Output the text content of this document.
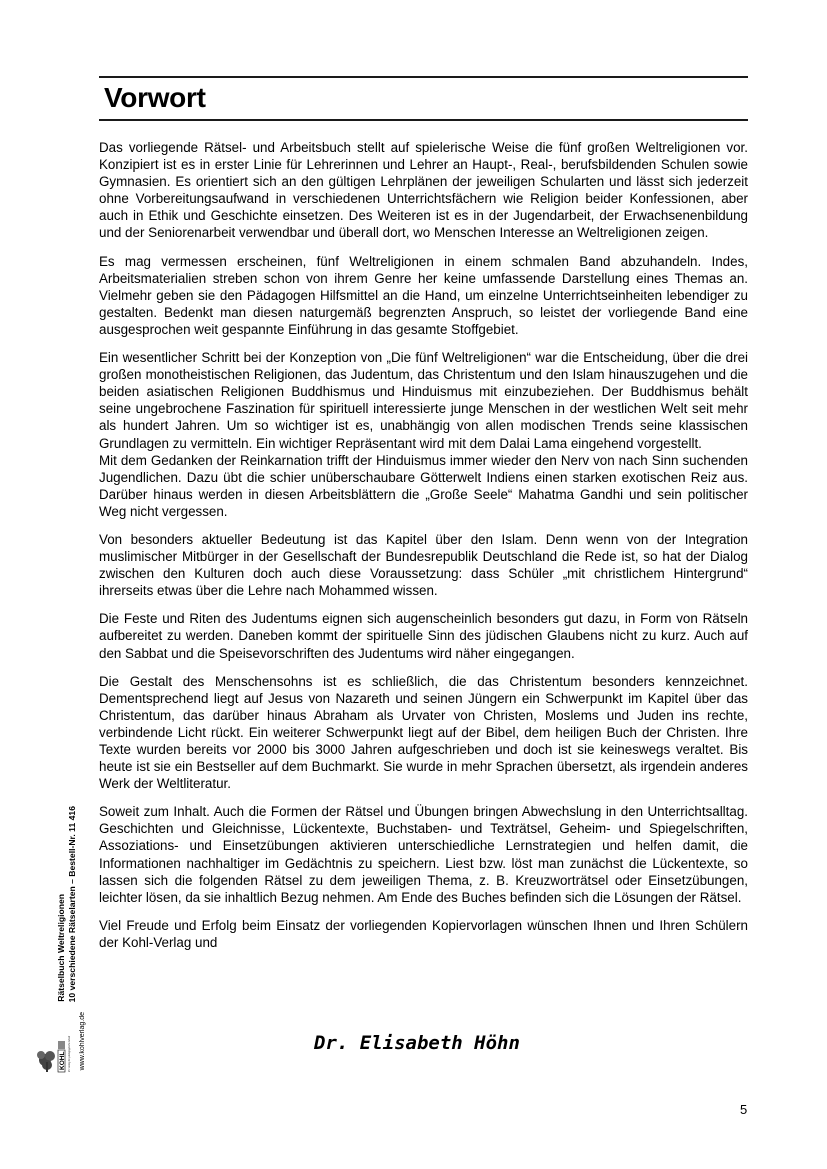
Vorwort

Das vorliegende Rätsel- und Arbeitsbuch stellt auf spielerische Weise die fünf großen Weltreligionen vor. Konzipiert ist es in erster Linie für Lehrerinnen und Lehrer an Haupt-, Real-, berufsbildenden Schulen sowie Gymnasien. Es orientiert sich an den gültigen Lehrplänen der jeweiligen Schularten und lässt sich jederzeit ohne Vorbereitungsaufwand in verschiedenen Unterrichtsfächern wie Religion beider Konfessionen, aber auch in Ethik und Geschichte einsetzen. Des Weiteren ist es in der Jugendarbeit, der Erwachsenenbildung und der Seniorenarbeit verwendbar und überall dort, wo Menschen Interesse an Weltreligionen zeigen.

Es mag vermessen erscheinen, fünf Weltreligionen in einem schmalen Band abzuhandeln. Indes, Arbeitsmaterialien streben schon von ihrem Genre her keine umfassende Darstellung eines Themas an. Vielmehr geben sie den Pädagogen Hilfsmittel an die Hand, um einzelne Unterrichtseinheiten lebendiger zu gestalten. Bedenkt man diesen naturgemäß begrenzten Anspruch, so leistet der vorliegende Band eine ausgesprochen weit gespannte Einführung in das gesamte Stoffgebiet.

Ein wesentlicher Schritt bei der Konzeption von „Die fünf Weltreligionen“ war die Entscheidung, über die drei großen monotheistischen Religionen, das Judentum, das Christentum und den Islam hinauszugehen und die beiden asiatischen Religionen Buddhismus und Hinduismus mit einzubeziehen. Der Buddhismus behält seine ungebrochene Faszination für spirituell interessierte junge Menschen in der westlichen Welt seit mehr als hundert Jahren. Um so wichtiger ist es, unabhängig von allen modischen Trends seine klassischen Grundlagen zu vermitteln. Ein wichtiger Repräsentant wird mit dem Dalai Lama eingehend vorgestellt.

Mit dem Gedanken der Reinkarnation trifft der Hinduismus immer wieder den Nerv von nach Sinn suchenden Jugendlichen. Dazu übt die schier unüberschaubare Götterwelt Indiens einen starken exotischen Reiz aus. Darüber hinaus werden in diesen Arbeitsblättern die „Große Seele“ Mahatma Gandhi und sein politischer Weg nicht vergessen.

Von besonders aktueller Bedeutung ist das Kapitel über den Islam. Denn wenn von der Integration muslimischer Mitbürger in der Gesellschaft der Bundesrepublik Deutschland die Rede ist, so hat der Dialog zwischen den Kulturen doch auch diese Voraussetzung: dass Schüler „mit christlichem Hintergrund“ ihrerseits etwas über die Lehre nach Mohammed wissen.

Die Feste und Riten des Judentums eignen sich augenscheinlich besonders gut dazu, in Form von Rätseln aufbereitet zu werden. Daneben kommt der spirituelle Sinn des jüdischen Glaubens nicht zu kurz. Auch auf den Sabbat und die Speisevorschriften des Judentums wird näher eingegangen.

Die Gestalt des Menschensohns ist es schließlich, die das Christentum besonders kennzeichnet. Dementsprechend liegt auf Jesus von Nazareth und seinen Jüngern ein Schwerpunkt im Kapitel über das Christentum, das darüber hinaus Abraham als Urvater von Christen, Moslems und Juden ins rechte, verbindende Licht rückt. Ein weiterer Schwerpunkt liegt auf der Bibel, dem heiligen Buch der Christen. Ihre Texte wurden bereits vor 2000 bis 3000 Jahren aufgeschrieben und doch ist sie keineswegs veraltet. Bis heute ist sie ein Bestseller auf dem Buchmarkt. Sie wurde in mehr Sprachen übersetzt, als irgendein anderes Werk der Weltliteratur.

Soweit zum Inhalt. Auch die Formen der Rätsel und Übungen bringen Abwechslung in den Unterrichtsalltag. Geschichten und Gleichnisse, Lückentexte, Buchstaben- und Texträtsel, Geheim- und Spiegelschriften, Assoziations- und Einsetzübungen aktivieren unterschiedliche Lernstrategien und helfen damit, die Informationen nachhaltiger im Gedächtnis zu speichern. Liest bzw. löst man zunächst die Lückentexte, so lassen sich die folgenden Rätsel zu dem jeweiligen Thema, z. B. Kreuzworträtsel oder Einsetzübungen, leichter lösen, da sie inhaltlich Bezug nehmen. Am Ende des Buches befinden sich die Lösungen der Rätsel.

Viel Freude und Erfolg beim Einsatz der vorliegenden Kopiervorlagen wünschen Ihnen und Ihren Schülern der Kohl-Verlag und

Dr. Elisabeth Höhn
5
Rätselbuch Weltreligionen 10 verschiedene Rätselarten – Bestell-Nr. 11 416
www.kohlverlag.de
KOHL Ihr Verlag für pädagogische Arbeit
